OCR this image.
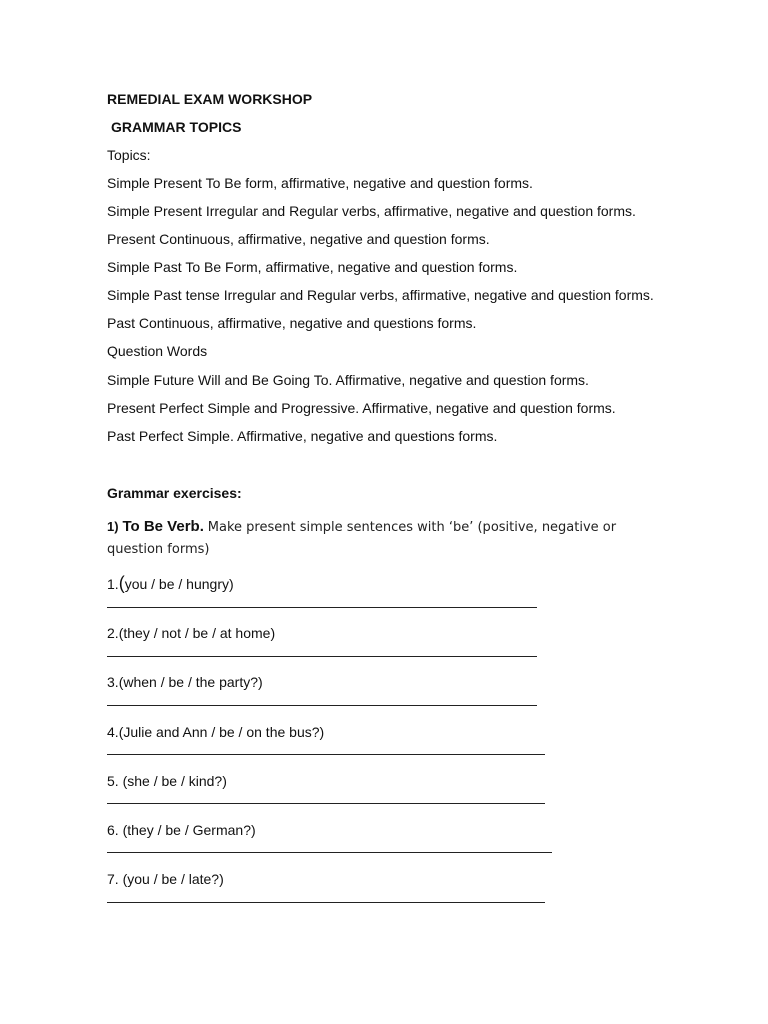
REMEDIAL EXAM WORKSHOP
GRAMMAR TOPICS
Topics:
Simple Present To Be form, affirmative, negative and question forms.
Simple Present Irregular and Regular verbs, affirmative, negative and question forms.
Present Continuous, affirmative, negative and question forms.
Simple Past To Be Form, affirmative, negative and question forms.
Simple Past tense Irregular and Regular verbs, affirmative, negative and question forms.
Past Continuous, affirmative, negative and questions forms.
Question Words
Simple Future Will and Be Going To. Affirmative, negative and question forms.
Present Perfect Simple and Progressive. Affirmative, negative and question forms.
Past Perfect Simple. Affirmative, negative and questions forms.
Grammar exercises:
1) To Be Verb. Make present simple sentences with ‘be’ (positive, negative or question forms)
1.(you / be / hungry)
2.(they / not / be / at home)
3.(when / be / the party?)
4.(Julie and Ann / be / on the bus?)
5. (she / be / kind?)
6. (they / be / German?)
7. (you / be / late?)
